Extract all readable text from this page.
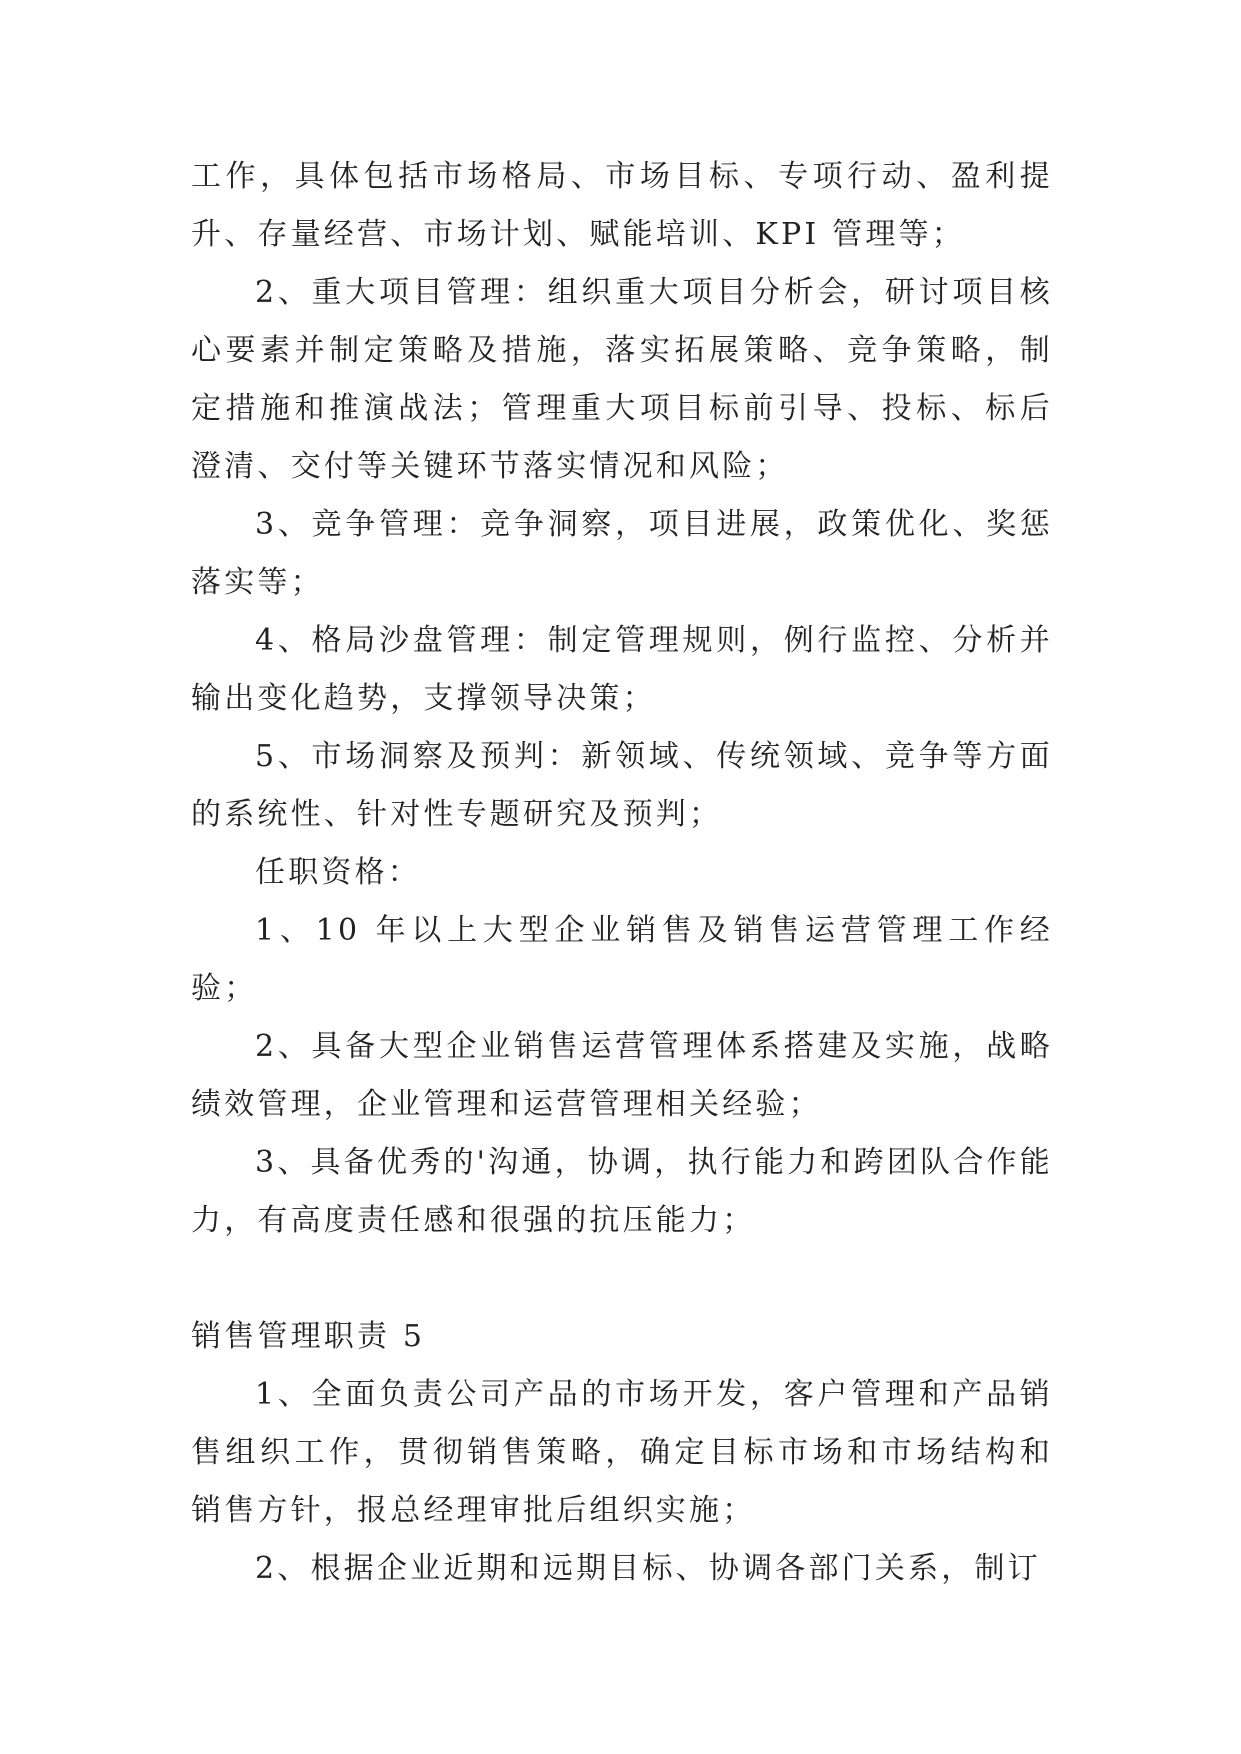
工作，具体包括市场格局、市场目标、专项行动、盈利提升、存量经营、市场计划、赋能培训、KPI 管理等；

2、重大项目管理：组织重大项目分析会，研讨项目核心要素并制定策略及措施，落实拓展策略、竞争策略，制定措施和推演战法；管理重大项目标前引导、投标、标后澄清、交付等关键环节落实情况和风险；

3、竞争管理：竞争洞察，项目进展，政策优化、奖惩落实等；

4、格局沙盘管理：制定管理规则，例行监控、分析并输出变化趋势，支撑领导决策；

5、市场洞察及预判：新领域、传统领域、竞争等方面的系统性、针对性专题研究及预判；

任职资格：

1、10 年以上大型企业销售及销售运营管理工作经验；

2、具备大型企业销售运营管理体系搭建及实施，战略绩效管理，企业管理和运营管理相关经验；

3、具备优秀的'沟通，协调，执行能力和跨团队合作能力，有高度责任感和很强的抗压能力；

销售管理职责 5

1、全面负责公司产品的市场开发，客户管理和产品销售组织工作，贯彻销售策略，确定目标市场和市场结构和销售方针，报总经理审批后组织实施；

2、根据企业近期和远期目标、协调各部门关系，制订
